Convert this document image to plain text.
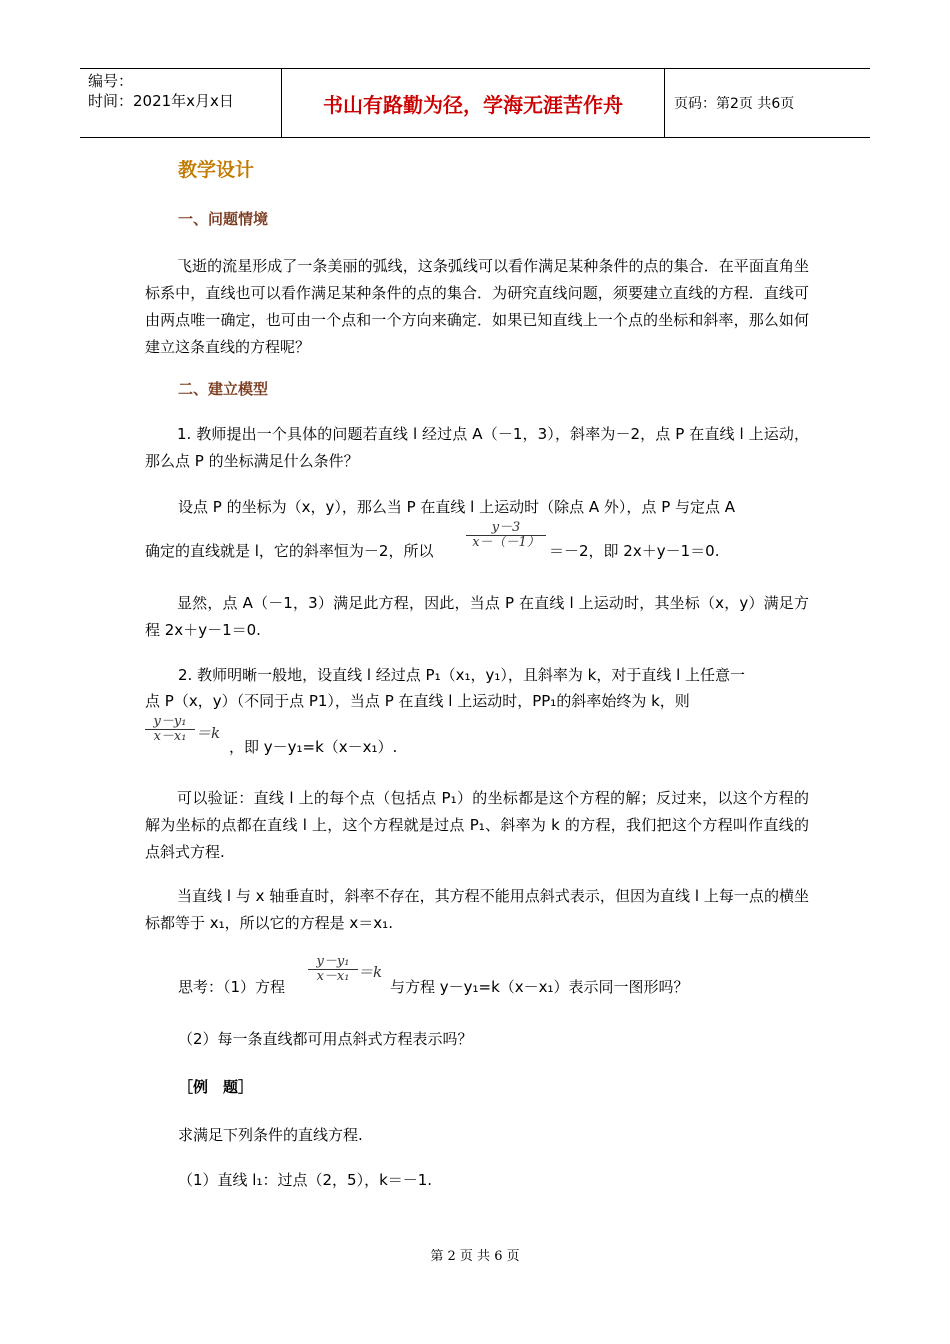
编号：
时间：2021年x月x日	书山有路勤为径，学海无涯苦作舟	页码：第2页 共6页
教学设计
一、问题情境
飞逝的流星形成了一条美丽的弧线，这条弧线可以看作满足某种条件的点的集合．在平面直角坐标系中，直线也可以看作满足某种条件的点的集合．为研究直线问题，须要建立直线的方程．直线可由两点唯一确定，也可由一个点和一个方向来确定．如果已知直线上一个点的坐标和斜率，那么如何建立这条直线的方程呢？
二、建立模型
1. 教师提出一个具体的问题若直线 l 经过点 A（－1，3），斜率为－2，点 P 在直线 l 上运动，那么点 P 的坐标满足什么条件？
设点 P 的坐标为（x，y），那么当 P 在直线 l 上运动时（除点 A 外），点 P 与定点 A
确定的直线就是 l，它的斜率恒为－2，所以
y－3
x－（－1） ＝－2，即 2x＋y－1＝0.
显然，点 A（－1，3）满足此方程，因此，当点 P 在直线 l 上运动时，其坐标（x，y）满足方程 2x＋y－1＝0.
2. 教师明晰一般地，设直线 l 经过点 P₁（x₁，y₁），且斜率为 k，对于直线 l 上任意一
点 P（x，y）（不同于点 P1），当点 P 在直线 l 上运动时，PP₁的斜率始终为 k，则
y－y₁
x－x₁ ＝k
，即 y－y₁=k（x－x₁）.
可以验证：直线 l 上的每个点（包括点 P₁）的坐标都是这个方程的解；反过来，以这个方程的解为坐标的点都在直线 l 上，这个方程就是过点 P₁、斜率为 k 的方程，我们把这个方程叫作直线的点斜式方程.
当直线 l 与 x 轴垂直时，斜率不存在，其方程不能用点斜式表示，但因为直线 l 上每一点的横坐标都等于 x₁，所以它的方程是 x＝x₁.
思考：（1）方程
y－y₁
x－x₁ ＝k
与方程 y－y₁=k（x－x₁）表示同一图形吗？
（2）每一条直线都可用点斜式方程表示吗？
［例　题］
求满足下列条件的直线方程.
（1）直线 l₁：过点（2，5），k＝－1.
第 2 页 共 6 页
